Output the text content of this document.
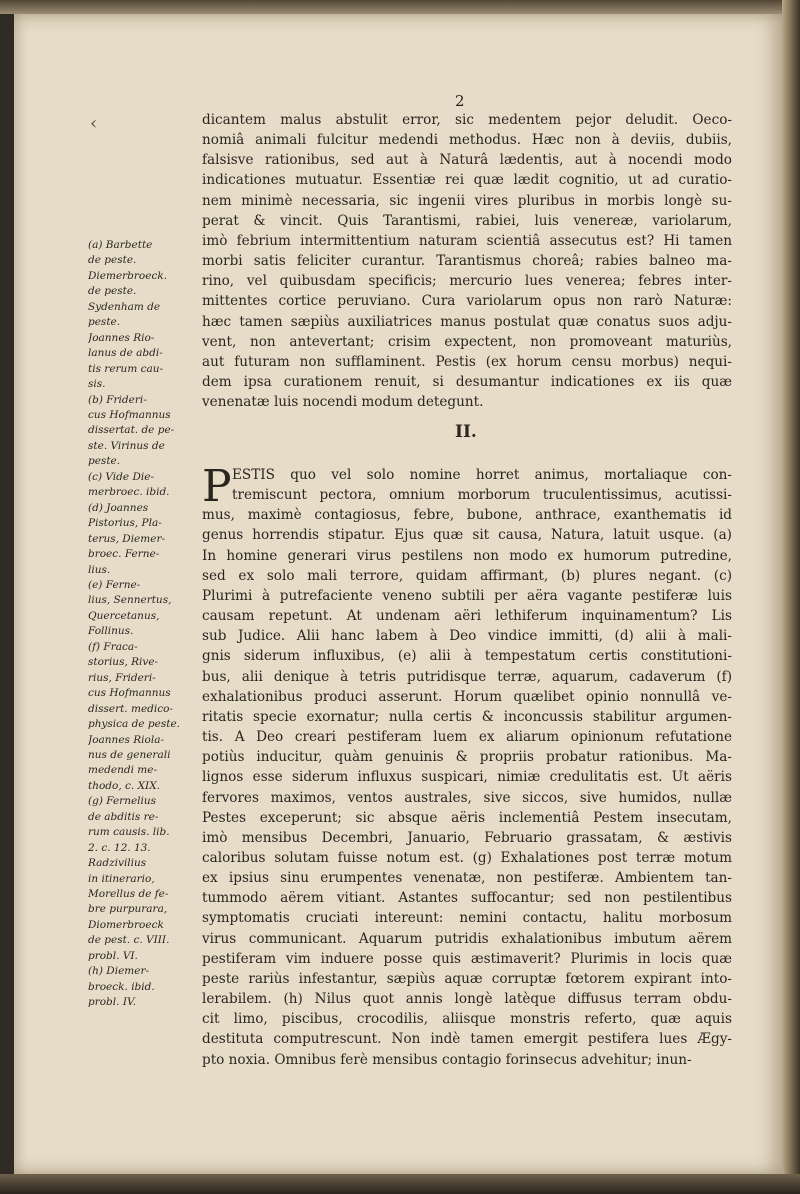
‹
2
dicantem malus abstulit error, sic medentem pejor deludit. Oeco-
nomiâ animali fulcitur medendi methodus. Hæc non à deviis, dubiis,
falsisve rationibus, sed aut à Naturâ lædentis, aut à nocendi modo
indicationes mutuatur. Essentiæ rei quæ lædit cognitio, ut ad curatio-
nem minimè necessaria, sic ingenii vires pluribus in morbis longè su-
perat & vincit. Quis Tarantismi, rabiei, luis venereæ, variolarum,
imò febrium intermittentium naturam scientiâ assecutus est? Hi tamen
morbi satis feliciter curantur. Tarantismus choreâ; rabies balneo ma-
rino, vel quibusdam specificis; mercurio lues venerea; febres inter-
mittentes cortice peruviano. Cura variolarum opus non rarò Naturæ:
hæc tamen sæpiùs auxiliatrices manus postulat quæ conatus suos adju-
vent, non antevertant; crisim expectent, non promoveant maturiùs,
aut futuram non sufflaminent. Pestis (ex horum censu morbus) nequi-
dem ipsa curationem renuit, si desumantur indicationes ex iis quæ
venenatæ luis nocendi modum detegunt.
II.
P ESTIS quo vel solo nomine horret animus, mortaliaque con-
tremiscunt pectora, omnium morborum truculentissimus, acutissi-
mus, maximè contagiosus, febre, bubone, anthrace, exanthematis id
genus horrendis stipatur. Ejus quæ sit causa, Natura, latuit usque. (a)
In homine generari virus pestilens non modo ex humorum putredine,
sed ex solo mali terrore, quidam affirmant, (b) plures negant. (c)
Plurimi à putrefaciente veneno subtili per aëra vagante pestiferæ luis
causam repetunt. At undenam aëri lethiferum inquinamentum? Lis
sub Judice. Alii hanc labem à Deo vindice immitti, (d) alii à mali-
gnis siderum influxibus, (e) alii à tempestatum certis constitutioni-
bus, alii denique à tetris putridisque terræ, aquarum, cadaverum (f)
exhalationibus produci asserunt. Horum quælibet opinio nonnullâ ve-
ritatis specie exornatur; nulla certis & inconcussis stabilitur argumen-
tis. A Deo creari pestiferam luem ex aliarum opinionum refutatione
potiùs inducitur, quàm genuinis & propriis probatur rationibus. Ma-
lignos esse siderum influxus suspicari, nimiæ credulitatis est. Ut aëris
fervores maximos, ventos australes, sive siccos, sive humidos, nullæ
Pestes exceperunt; sic absque aëris inclementiâ Pestem insecutam,
imò mensibus Decembri, Januario, Februario grassatam, & æstivis
caloribus solutam fuisse notum est. (g) Exhalationes post terræ motum
ex ipsius sinu erumpentes venenatæ, non pestiferæ. Ambientem tan-
tummodo aërem vitiant. Astantes suffocantur; sed non pestilentibus
symptomatis cruciati intereunt: nemini contactu, halitu morbosum
virus communicant. Aquarum putridis exhalationibus imbutum aërem
pestiferam vim induere posse quis æstimaverit? Plurimis in locis quæ
peste rariùs infestantur, sæpiùs aquæ corruptæ fœtorem expirant into-
lerabilem. (h) Nilus quot annis longè latèque diffusus terram obdu-
cit limo, piscibus, crocodilis, aliisque monstris referto, quæ aquis
destituta computrescunt. Non indè tamen emergit pestifera lues Ægy-
pto noxia. Omnibus ferè mensibus contagio forinsecus advehitur; inun-
(a) Barbette
de peste.
Diemerbroeck.
de peste.
Sydenham de
peste.
Joannes Rio-
lanus de abdi-
tis rerum cau-
sis.
(b) Frideri-
cus Hofmannus
dissertat. de pe-
ste. Virinus de
peste.
(c) Vide Die-
merbroec. ibid.
(d) Joannes
Pistorius, Pla-
terus, Diemer-
broec. Ferne-
lius.
(e) Ferne-
lius, Sennertus,
Quercetanus,
Follinus.
(f) Fraca-
storius, Rive-
rius, Frideri-
cus Hofmannus
dissert. medico-
physica de peste.
Joannes Riola-
nus de generali
medendi me-
thodo, c. XIX.
(g) Fernelius
de abditis re-
rum causis. lib.
2. c. 12. 13.
Radzivilius
in itinerario,
Morellus de fe-
bre purpurara,
Diomerbroeck
de pest. c. VIII.
probl. VI.
(h) Diemer-
broeck. ibid.
probl. IV.
